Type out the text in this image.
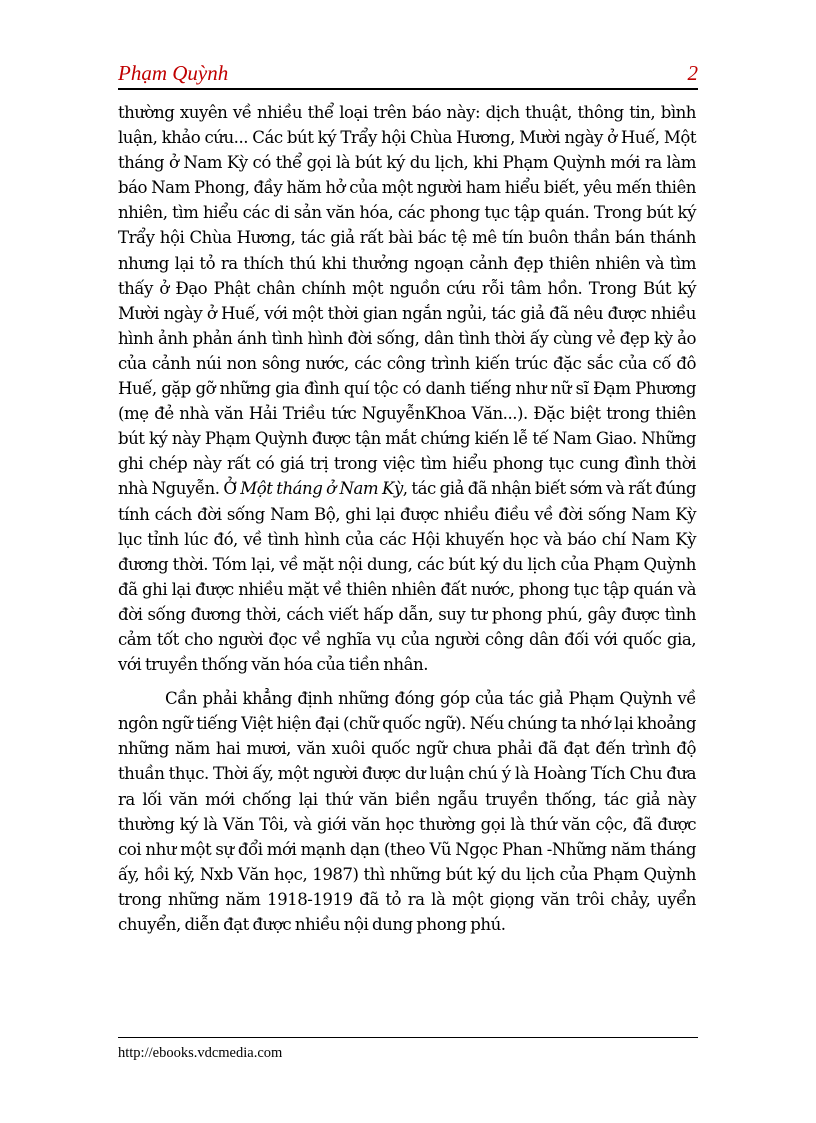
Phạm Quỳnh	2

thường xuyên về nhiều thể loại trên báo này: dịch thuật, thông tin, bình luận, khảo cứu... Các bút ký Trẩy hội Chùa Hương, Mười ngày ở Huế, Một tháng ở Nam Kỳ có thể gọi là bút ký du lịch, khi Phạm Quỳnh mới ra làm báo Nam Phong, đầy hăm hở của một người ham hiểu biết, yêu mến thiên nhiên, tìm hiểu các di sản văn hóa, các phong tục tập quán. Trong bút ký Trẩy hội Chùa Hương, tác giả rất bài bác tệ mê tín buôn thần bán thánh nhưng lại tỏ ra thích thú khi thưởng ngoạn cảnh đẹp thiên nhiên và tìm thấy ở Đạo Phật chân chính một nguồn cứu rỗi tâm hồn. Trong Bút ký Mười ngày ở Huế, với một thời gian ngắn ngủi, tác giả đã nêu được nhiều hình ảnh phản ánh tình hình đời sống, dân tình thời ấy cùng vẻ đẹp kỳ ảo của cảnh núi non sông nước, các công trình kiến trúc đặc sắc của cố đô Huế, gặp gỡ những gia đình quí tộc có danh tiếng như nữ sĩ Đạm Phương (mẹ đẻ nhà văn Hải Triều tức NguyễnKhoa Văn...). Đặc biệt trong thiên bút ký này Phạm Quỳnh được tận mắt chứng kiến lễ tế Nam Giao. Những ghi chép này rất có giá trị trong việc tìm hiểu phong tục cung đình thời nhà Nguyễn. Ở Một tháng ở Nam Kỳ, tác giả đã nhận biết sớm và rất đúng tính cách đời sống Nam Bộ, ghi lại được nhiều điều về đời sống Nam Kỳ lục tỉnh lúc đó, về tình hình của các Hội khuyến học và báo chí Nam Kỳ đương thời. Tóm lại, về mặt nội dung, các bút ký du lịch của Phạm Quỳnh đã ghi lại được nhiều mặt về thiên nhiên đất nước, phong tục tập quán và đời sống đương thời, cách viết hấp dẫn, suy tư phong phú, gây được tình cảm tốt cho người đọc về nghĩa vụ của người công dân đối với quốc gia, với truyền thống văn hóa của tiền nhân.

Cần phải khẳng định những đóng góp của tác giả Phạm Quỳnh về ngôn ngữ tiếng Việt hiện đại (chữ quốc ngữ). Nếu chúng ta nhớ lại khoảng những năm hai mươi, văn xuôi quốc ngữ chưa phải đã đạt đến trình độ thuần thục. Thời ấy, một người được dư luận chú ý là Hoàng Tích Chu đưa ra lối văn mới chống lại thứ văn biền ngẫu truyền thống, tác giả này thường ký là Văn Tôi, và giới văn học thường gọi là thứ văn cộc, đã được coi như một sự đổi mới mạnh dạn (theo Vũ Ngọc Phan -Những năm tháng ấy, hồi ký, Nxb Văn học, 1987) thì những bút ký du lịch của Phạm Quỳnh trong những năm 1918-1919 đã tỏ ra là một giọng văn trôi chảy, uyển chuyển, diễn đạt được nhiều nội dung phong phú.

http://ebooks.vdcmedia.com
